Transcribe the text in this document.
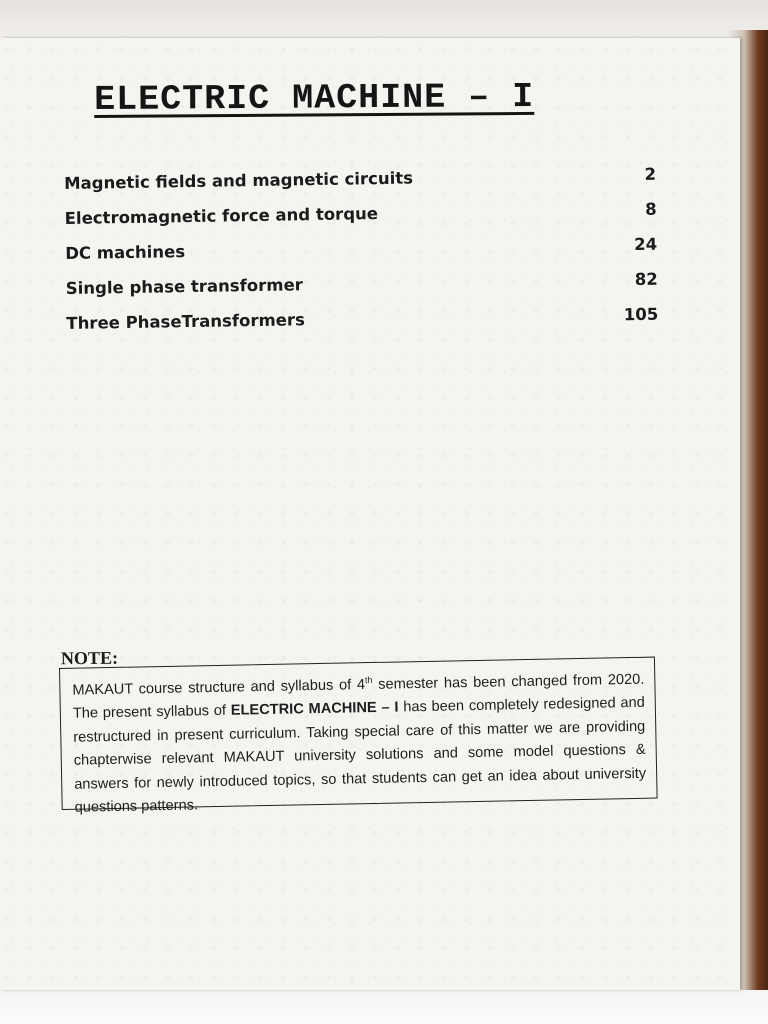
ELECTRIC MACHINE – I
Magnetic fields and magnetic circuits	2
Electromagnetic force and torque	8
DC machines	24
Single phase transformer	82
Three PhaseTransformers	105

NOTE:

MAKAUT course structure and syllabus of 4th semester has been changed from 2020. The present syllabus of ELECTRIC MACHINE – I has been completely redesigned and restructured in present curriculum. Taking special care of this matter we are providing chapterwise relevant MAKAUT university solutions and some model questions & answers for newly introduced topics, so that students can get an idea about university questions patterns.
